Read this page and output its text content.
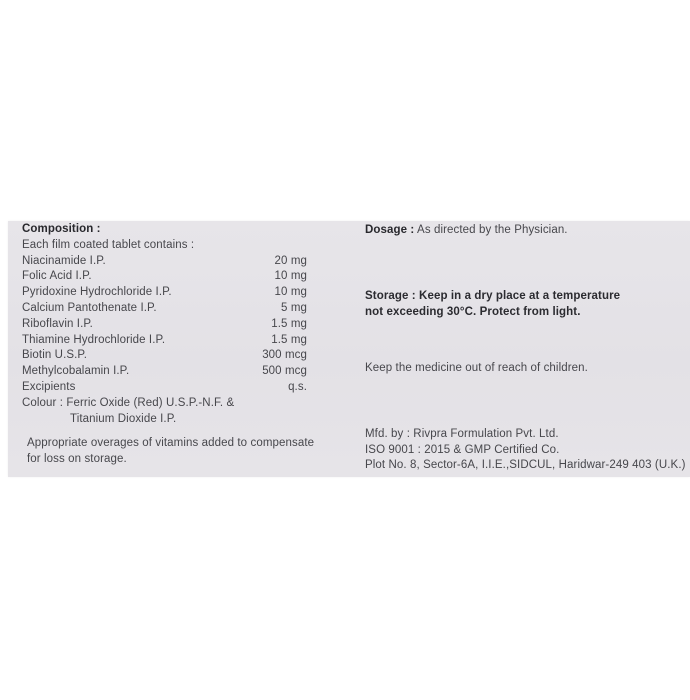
Composition :
Each film coated tablet contains :
Niacinamide I.P.	20 mg
Folic Acid I.P.	10 mg
Pyridoxine Hydrochloride I.P.	10 mg
Calcium Pantothenate I.P.	5 mg
Riboflavin I.P.	1.5 mg
Thiamine Hydrochloride I.P.	1.5 mg
Biotin U.S.P.	300 mcg
Methylcobalamin I.P.	500 mcg
Excipients	q.s.
Colour : Ferric Oxide (Red) U.S.P.-N.F. &
Titanium Dioxide I.P.
Appropriate overages of vitamins added to compensate
for loss on storage.
Dosage : As directed by the Physician.
Storage : Keep in a dry place at a temperature
not exceeding 30°C. Protect from light.
Keep the medicine out of reach of children.
Mfd. by : Rivpra Formulation Pvt. Ltd.
ISO 9001 : 2015 & GMP Certified Co.
Plot No. 8, Sector-6A, I.I.E.,SIDCUL, Haridwar-249 403 (U.K.)
